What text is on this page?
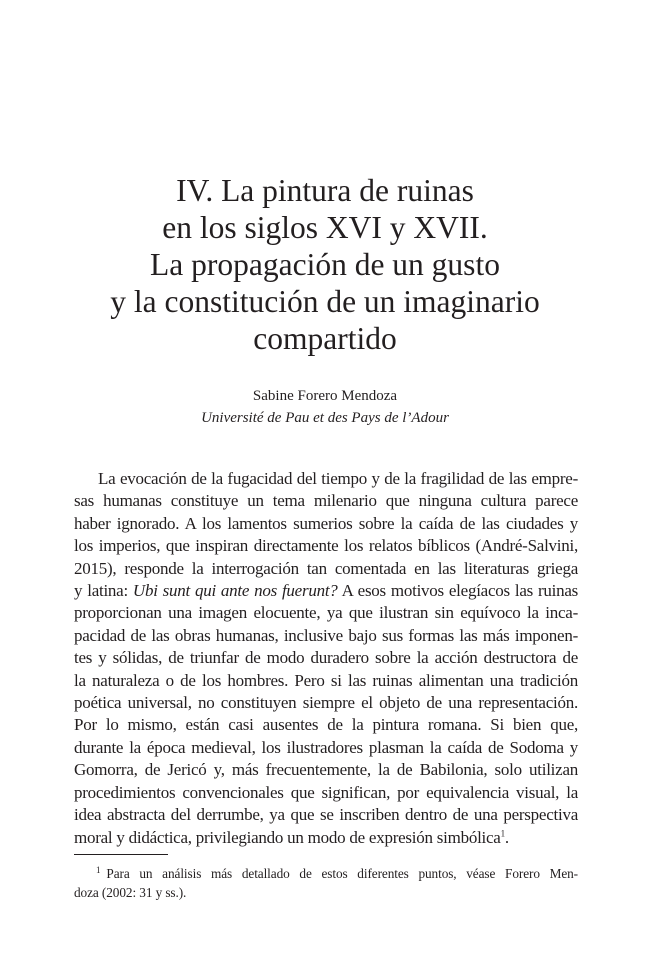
IV. La pintura de ruinas
en los siglos XVI y XVII.
La propagación de un gusto
y la constitución de un imaginario
compartido
Sabine Forero Mendoza
Université de Pau et des Pays de l’Adour

La evocación de la fugacidad del tiempo y de la fragilidad de las empre-
sas humanas constituye un tema milenario que ninguna cultura parece
haber ignorado. A los lamentos sumerios sobre la caída de las ciudades y
los imperios, que inspiran directamente los relatos bíblicos (André-Salvini,
2015), responde la interrogación tan comentada en las literaturas griega
y latina: Ubi sunt qui ante nos fuerunt? A esos motivos elegíacos las ruinas
proporcionan una imagen elocuente, ya que ilustran sin equívoco la inca-
pacidad de las obras humanas, inclusive bajo sus formas las más imponen-
tes y sólidas, de triunfar de modo duradero sobre la acción destructora de
la naturaleza o de los hombres. Pero si las ruinas alimentan una tradición
poética universal, no constituyen siempre el objeto de una representación.
Por lo mismo, están casi ausentes de la pintura romana. Si bien que,
durante la época medieval, los ilustradores plasman la caída de Sodoma y
Gomorra, de Jericó y, más frecuentemente, la de Babilonia, solo utilizan
procedimientos convencionales que significan, por equivalencia visual, la
idea abstracta del derrumbe, ya que se inscriben dentro de una perspectiva
moral y didáctica, privilegiando un modo de expresión simbólica$^1$.

$^1$ Para un análisis más detallado de estos diferentes puntos, véase Forero Men-
doza (2002: 31 y ss.).
